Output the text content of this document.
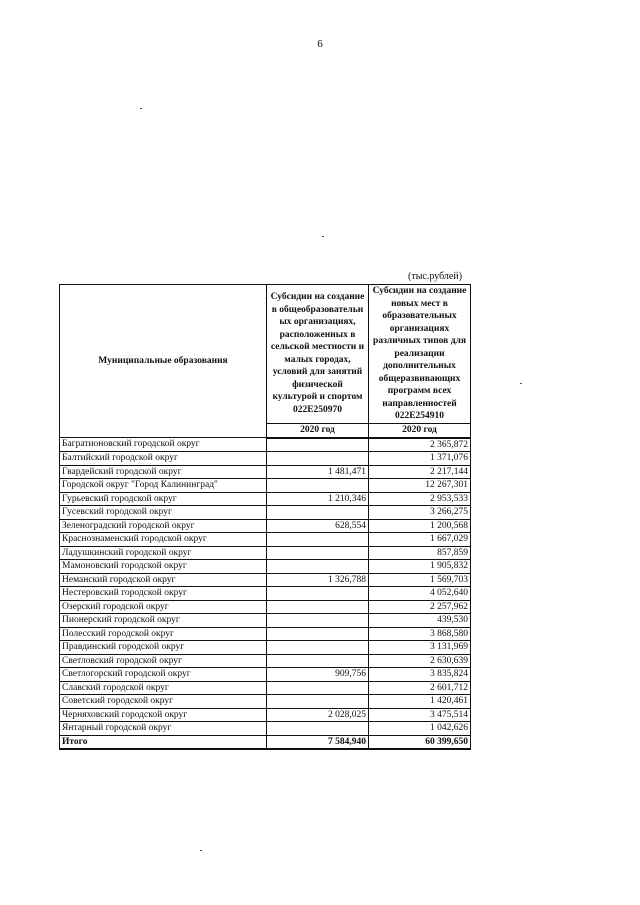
6
(тыс.рублей)
Муниципальные образования	Субсидии на создание в общеобразовательн ых организациях, расположенных в сельской местности и малых городах, условий для занятий физической культурой и спортом 022Е250970	Субсидии на создание новых мест в образовательных организациях различных типов для реализации дополнительных общеразвивающих программ всех направленностей 022Е254910
	2020 год	2020 год
Багратионовский городской округ		2 365,872
Балтийский городской округ		1 371,076
Гвардейский городской округ	1 481,471	2 217,144
Городской округ "Город Калининград"		12 267,301
Гурьевский городской округ	1 210,346	2 953,533
Гусевский городской округ		3 266,275
Зеленоградский городской округ	628,554	1 200,568
Краснознаменский городской округ		1 667,029
Ладушкинский городской округ		857,859
Мамоновский городской округ		1 905,832
Неманский городской округ	1 326,788	1 569,703
Нестеровский городской округ		4 052,640
Озерский городской округ		2 257,962
Пионерский городской округ		439,530
Полесский городской округ		3 868,580
Правдинский городской округ		3 131,969
Светловский городской округ		2 630,639
Светлогорский городской округ	909,756	3 835,824
Славский городской округ		2 601,712
Советский городской округ		1 420,461
Черняховский городской округ	2 028,025	3 475,514
Янтарный городской округ		1 042,626
Итого	7 584,940	60 399,650
